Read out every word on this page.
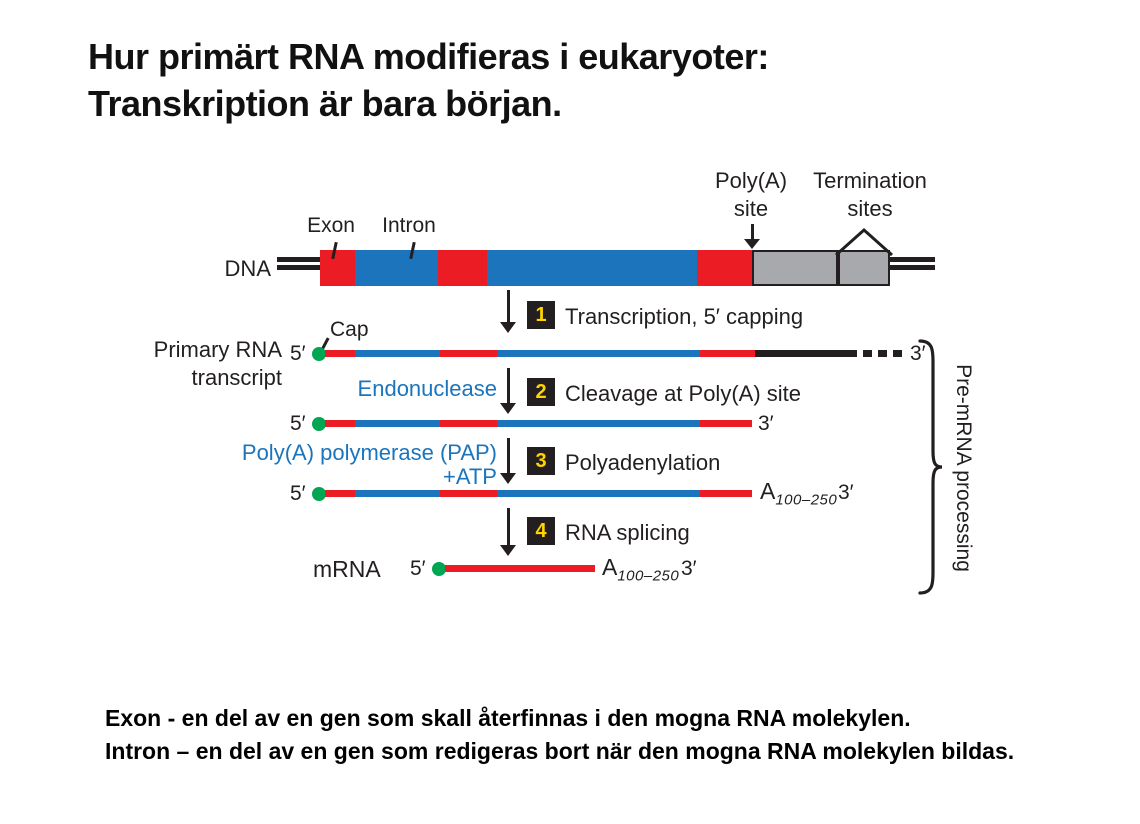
Hur primärt RNA modifieras i eukaryoter:
Transkription är bara början.
DNA
Exon	Intron
Poly(A)
site
Termination
sites
1 Transcription, 5′ capping
Primary RNA
transcript
Cap
5′	3′
Endonuclease 2 Cleavage at Poly(A) site
5′	3′
Poly(A) polymerase (PAP)
+ATP
3 Polyadenylation
5′	$A_{100-250}$ 3′
4 RNA splicing
mRNA 5′	$A_{100-250}$ 3′	Pre-mRNA processing
Exon - en del av en gen som skall återfinnas i den mogna RNA molekylen.
Intron – en del av en gen som redigeras bort när den mogna RNA molekylen bildas.
